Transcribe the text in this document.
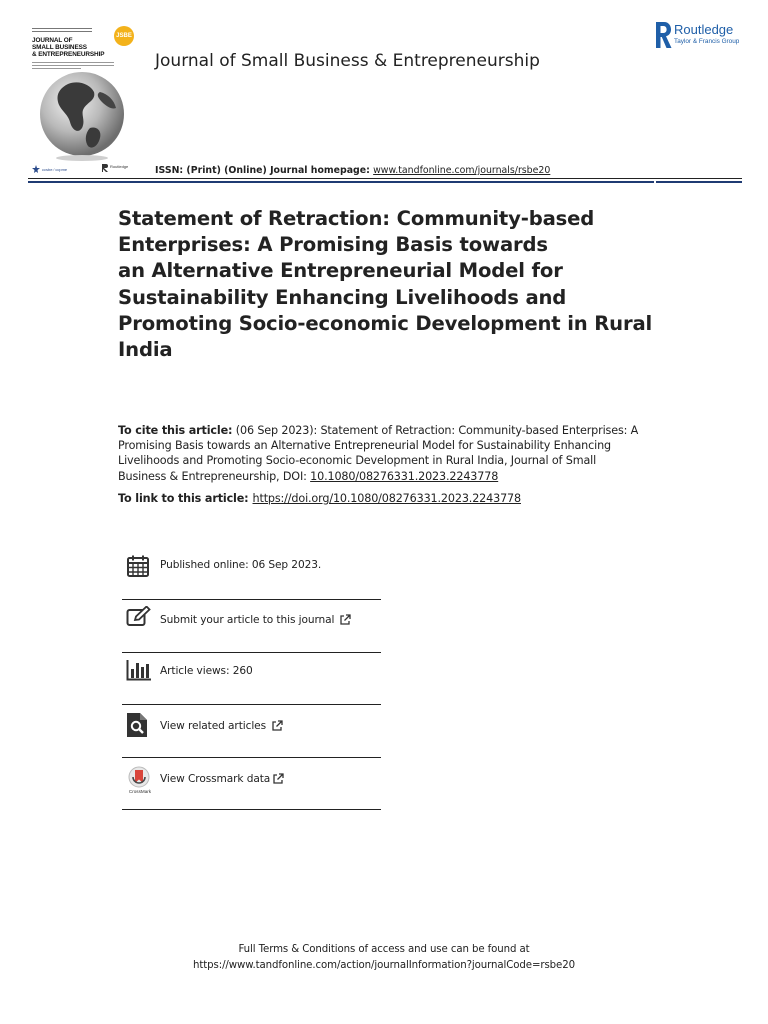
JSBE
JOURNAL OF
SMALL BUSINESS
& ENTREPRENEURSHIP
ccsbe ⁄ ccpme
Routledge
Journal of Small Business & Entrepreneurship
Routledge
Taylor & Francis Group
ISSN: (Print) (Online) Journal homepage: www.tandfonline.com/journals/rsbe20
Statement of Retraction: Community-based
Enterprises: A Promising Basis towards
an Alternative Entrepreneurial Model for
Sustainability Enhancing Livelihoods and
Promoting Socio-economic Development in Rural
India
To cite this article: (06 Sep 2023): Statement of Retraction: Community-based Enterprises: A
Promising Basis towards an Alternative Entrepreneurial Model for Sustainability Enhancing
Livelihoods and Promoting Socio-economic Development in Rural India, Journal of Small
Business & Entrepreneurship, DOI: 10.1080/08276331.2023.2243778
To link to this article: https://doi.org/10.1080/08276331.2023.2243778
Published online: 06 Sep 2023.
Submit your article to this journal
Article views: 260
View related articles
CrossMark
View Crossmark data
Full Terms & Conditions of access and use can be found at
https://www.tandfonline.com/action/journalInformation?journalCode=rsbe20
